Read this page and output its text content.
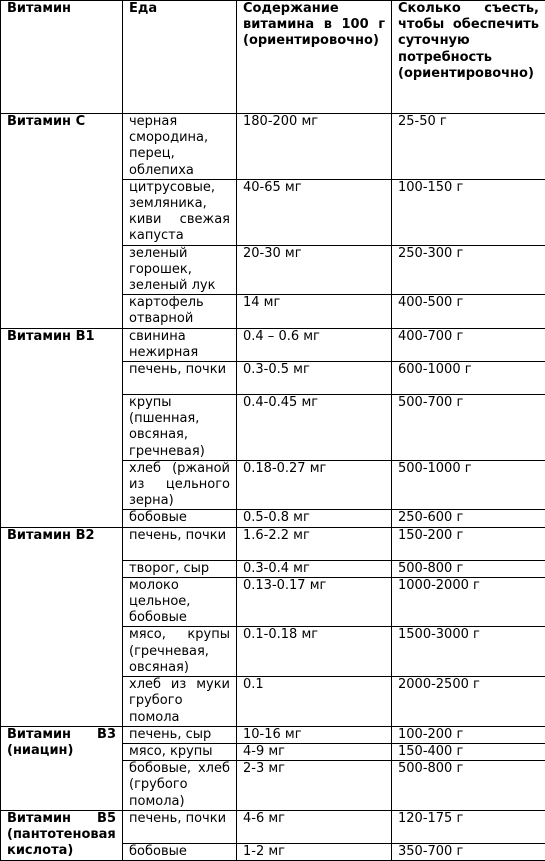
Витамин	Еда	Содержание витамина в 100 г (ориентировочно)	Сколько съесть, чтобы обеспечить суточную потребность (ориентировочно)
Витамин C	черная смородина, перец, облепиха	180-200 мг	25-50 г
	цитрусовые, земляника, киви свежая капуста	40-65 мг	100-150 г
	зеленый горошек, зеленый лук	20-30 мг	250-300 г
	картофель отварной	14 мг	400-500 г
Витамин B1	свинина нежирная	0.4 – 0.6 мг	400-700 г
	печень, почки	0.3-0.5 мг	600-1000 г
	крупы (пшенная, овсяная, гречневая)	0.4-0.45 мг	500-700 г
	хлеб (ржаной из цельного зерна)	0.18-0.27 мг	500-1000 г
	бобовые	0.5-0.8 мг	250-600 г
Витамин B2	печень, почки	1.6-2.2 мг	150-200 г
	творог, сыр	0.3-0.4 мг	500-800 г
	молоко цельное, бобовые	0.13-0.17 мг	1000-2000 г
	мясо, крупы (гречневая, овсяная)	0.1-0.18 мг	1500-3000 г
	хлеб из муки грубого помола	0.1	2000-2500 г
Витамин B3 (ниацин)	печень, сыр	10-16 мг	100-200 г
	мясо, крупы	4-9 мг	150-400 г
	бобовые, хлеб (грубого помола)	2-3 мг	500-800 г
Витамин B5 (пантотеновая кислота)	печень, почки	4-6 мг	120-175 г
	бобовые	1-2 мг	350-700 г
